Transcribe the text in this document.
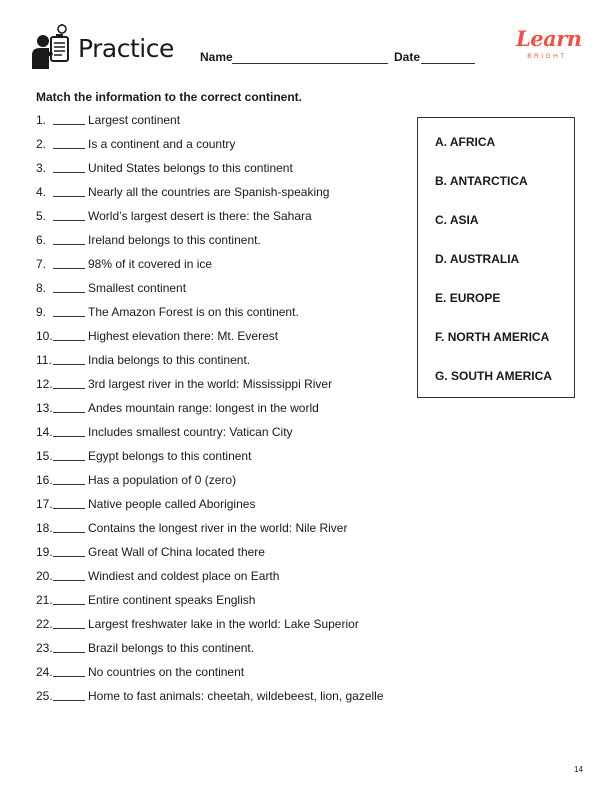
Practice Name	Date
Learn
BRIGHT
Match the information to the correct continent.
1.	Largest continent
2.	Is a continent and a country
3.	United States belongs to this continent
4.	Nearly all the countries are Spanish-speaking
5.	World’s largest desert is there: the Sahara
6.	Ireland belongs to this continent.
7.	98% of it covered in ice
8.	Smallest continent
9.	The Amazon Forest is on this continent.
10.	Highest elevation there: Mt. Everest
11.	India belongs to this continent.
12.	3rd largest river in the world: Mississippi River
13.	Andes mountain range: longest in the world
14.	Includes smallest country: Vatican City
15.	Egypt belongs to this continent
16.	Has a population of 0 (zero)
17.	Native people called Aborigines
18.	Contains the longest river in the world: Nile River
19.	Great Wall of China located there
20.	Windiest and coldest place on Earth
21.	Entire continent speaks English
22.	Largest freshwater lake in the world: Lake Superior
23.	Brazil belongs to this continent.
24.	No countries on the continent
25.	Home to fast animals: cheetah, wildebeest, lion, gazelle
A. AFRICA
B. ANTARCTICA
C. ASIA
D. AUSTRALIA
E. EUROPE
F. NORTH AMERICA
G. SOUTH AMERICA
14
